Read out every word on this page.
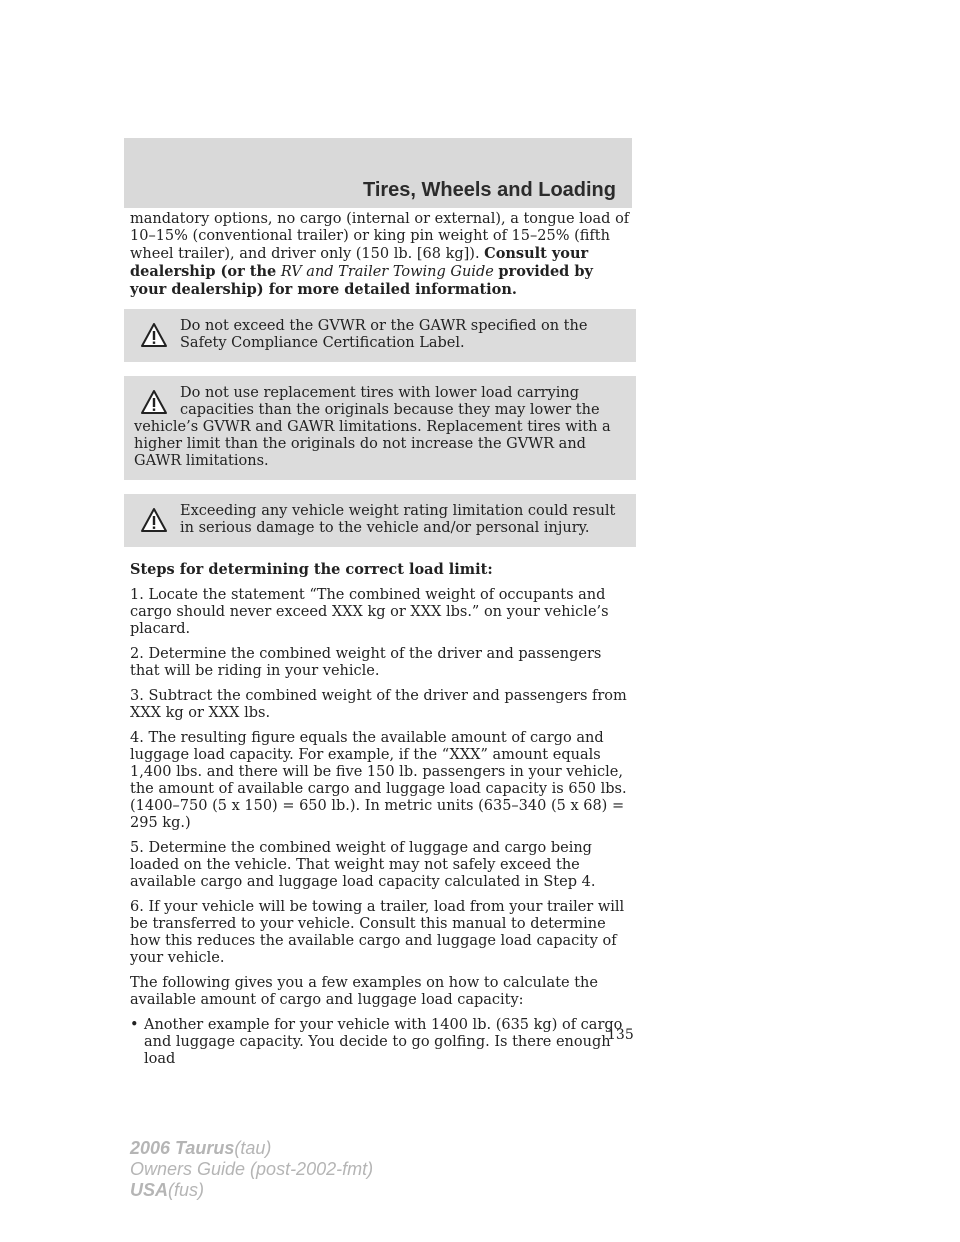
Tires, Wheels and Loading

mandatory options, no cargo (internal or external), a tongue load of 10–15% (conventional trailer) or king pin weight of 15–25% (fifth wheel trailer), and driver only (150 lb. [68 kg]). Consult your dealership (or the RV and Trailer Towing Guide provided by your dealership) for more detailed information.

Do not exceed the GVWR or the GAWR specified on the Safety Compliance Certification Label.
Do not use replacement tires with lower load carrying capacities than the originals because they may lower the vehicle’s GVWR and GAWR limitations. Replacement tires with a higher limit than the originals do not increase the GVWR and GAWR limitations.
Exceeding any vehicle weight rating limitation could result in serious damage to the vehicle and/or personal injury.

Steps for determining the correct load limit:

1. Locate the statement “The combined weight of occupants and cargo should never exceed XXX kg or XXX lbs.” on your vehicle’s placard.

2. Determine the combined weight of the driver and passengers that will be riding in your vehicle.

3. Subtract the combined weight of the driver and passengers from XXX kg or XXX lbs.

4. The resulting figure equals the available amount of cargo and luggage load capacity. For example, if the “XXX” amount equals 1,400 lbs. and there will be five 150 lb. passengers in your vehicle, the amount of available cargo and luggage load capacity is 650 lbs. (1400–750 (5 x 150) = 650 lb.). In metric units (635–340 (5 x 68) = 295 kg.)

5. Determine the combined weight of luggage and cargo being loaded on the vehicle. That weight may not safely exceed the available cargo and luggage load capacity calculated in Step 4.

6. If your vehicle will be towing a trailer, load from your trailer will be transferred to your vehicle. Consult this manual to determine how this reduces the available cargo and luggage load capacity of your vehicle.

The following gives you a few examples on how to calculate the available amount of cargo and luggage load capacity:

• Another example for your vehicle with 1400 lb. (635 kg) of cargo and luggage capacity. You decide to go golfing. Is there enough load
135
2006 Taurus(tau)
Owners Guide (post-2002-fmt)
USA(fus)
